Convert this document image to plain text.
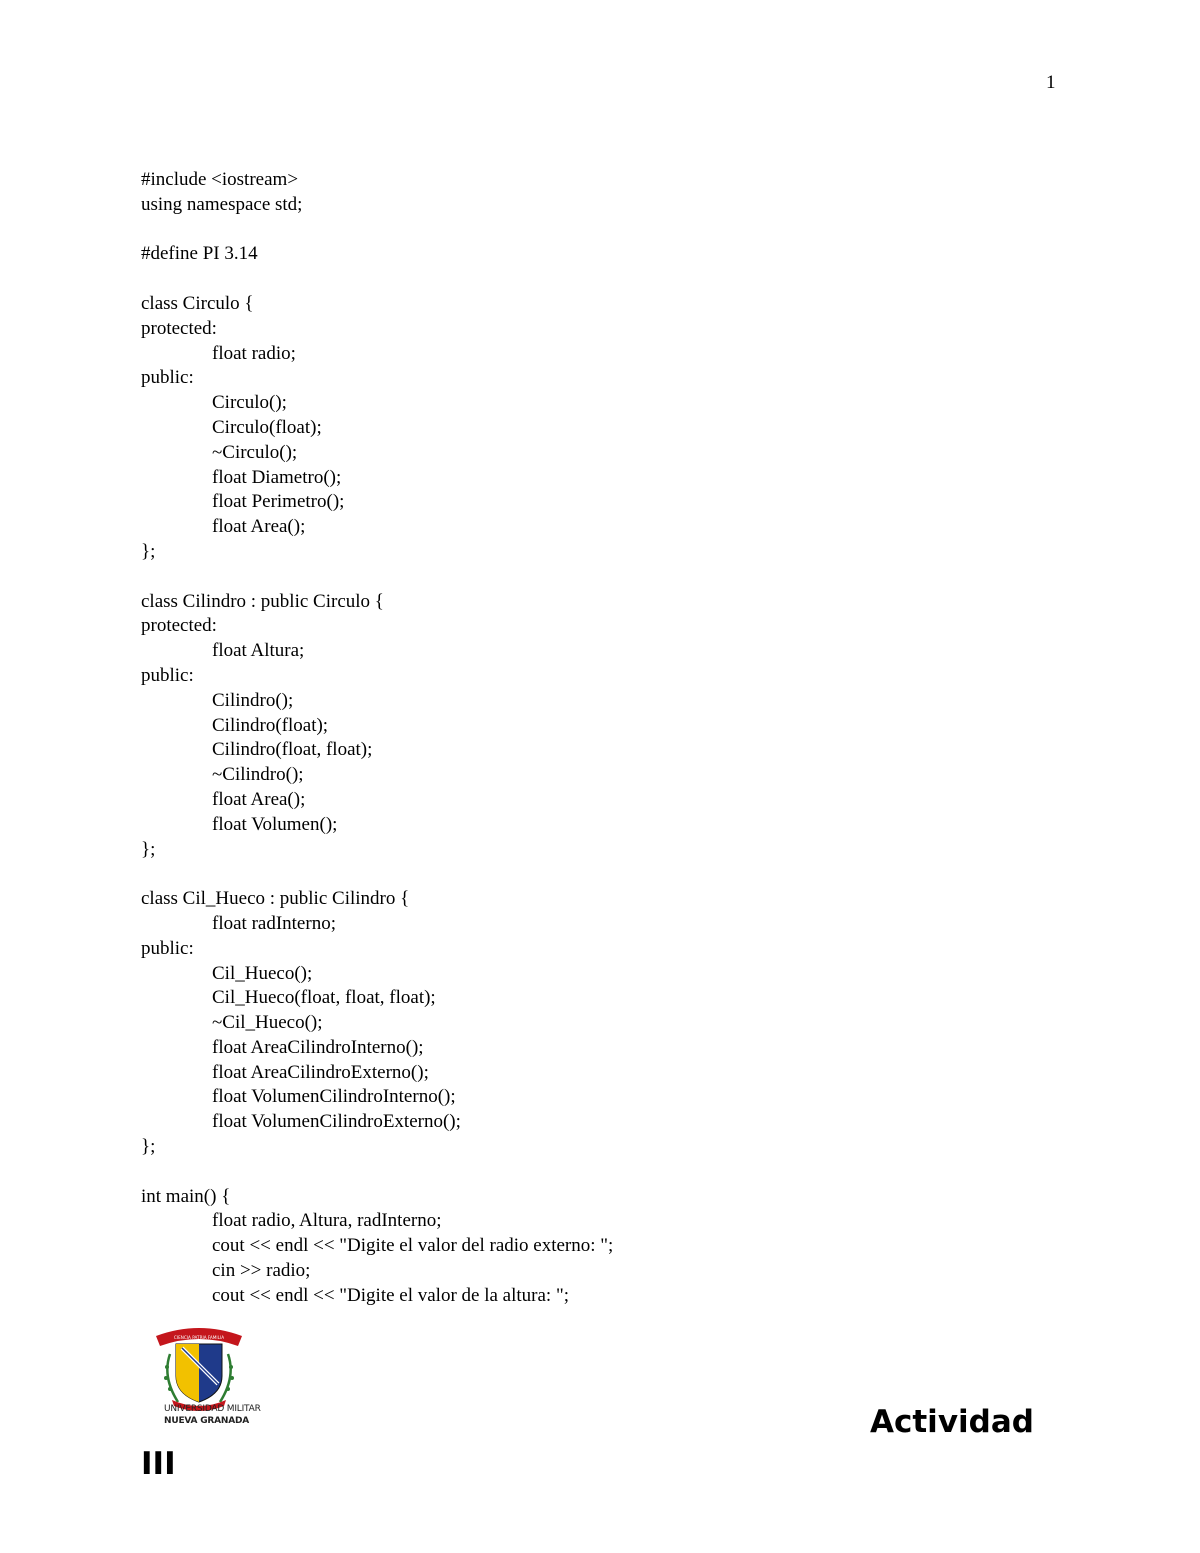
1
#include <iostream>
using namespace std;
#define PI 3.14
class Circulo {
protected:
float radio;
public:
Circulo();
Circulo(float);
~Circulo();
float Diametro();
float Perimetro();
float Area();
};
class Cilindro : public Circulo {
protected:
float Altura;
public:
Cilindro();
Cilindro(float);
Cilindro(float, float);
~Cilindro();
float Area();
float Volumen();
};
class Cil_Hueco : public Cilindro {
float radInterno;
public:
Cil_Hueco();
Cil_Hueco(float, float, float);
~Cil_Hueco();
float AreaCilindroInterno();
float AreaCilindroExterno();
float VolumenCilindroInterno();
float VolumenCilindroExterno();
};
int main() {
float radio, Altura, radInterno;
cout << endl << "Digite el valor del radio externo: ";
cin >> radio;
cout << endl << "Digite el valor de la altura: ";
CIENCIA PATRIA FAMILIA
UNIVERSIDAD MILITAR
NUEVA GRANADA	Actividad
III
